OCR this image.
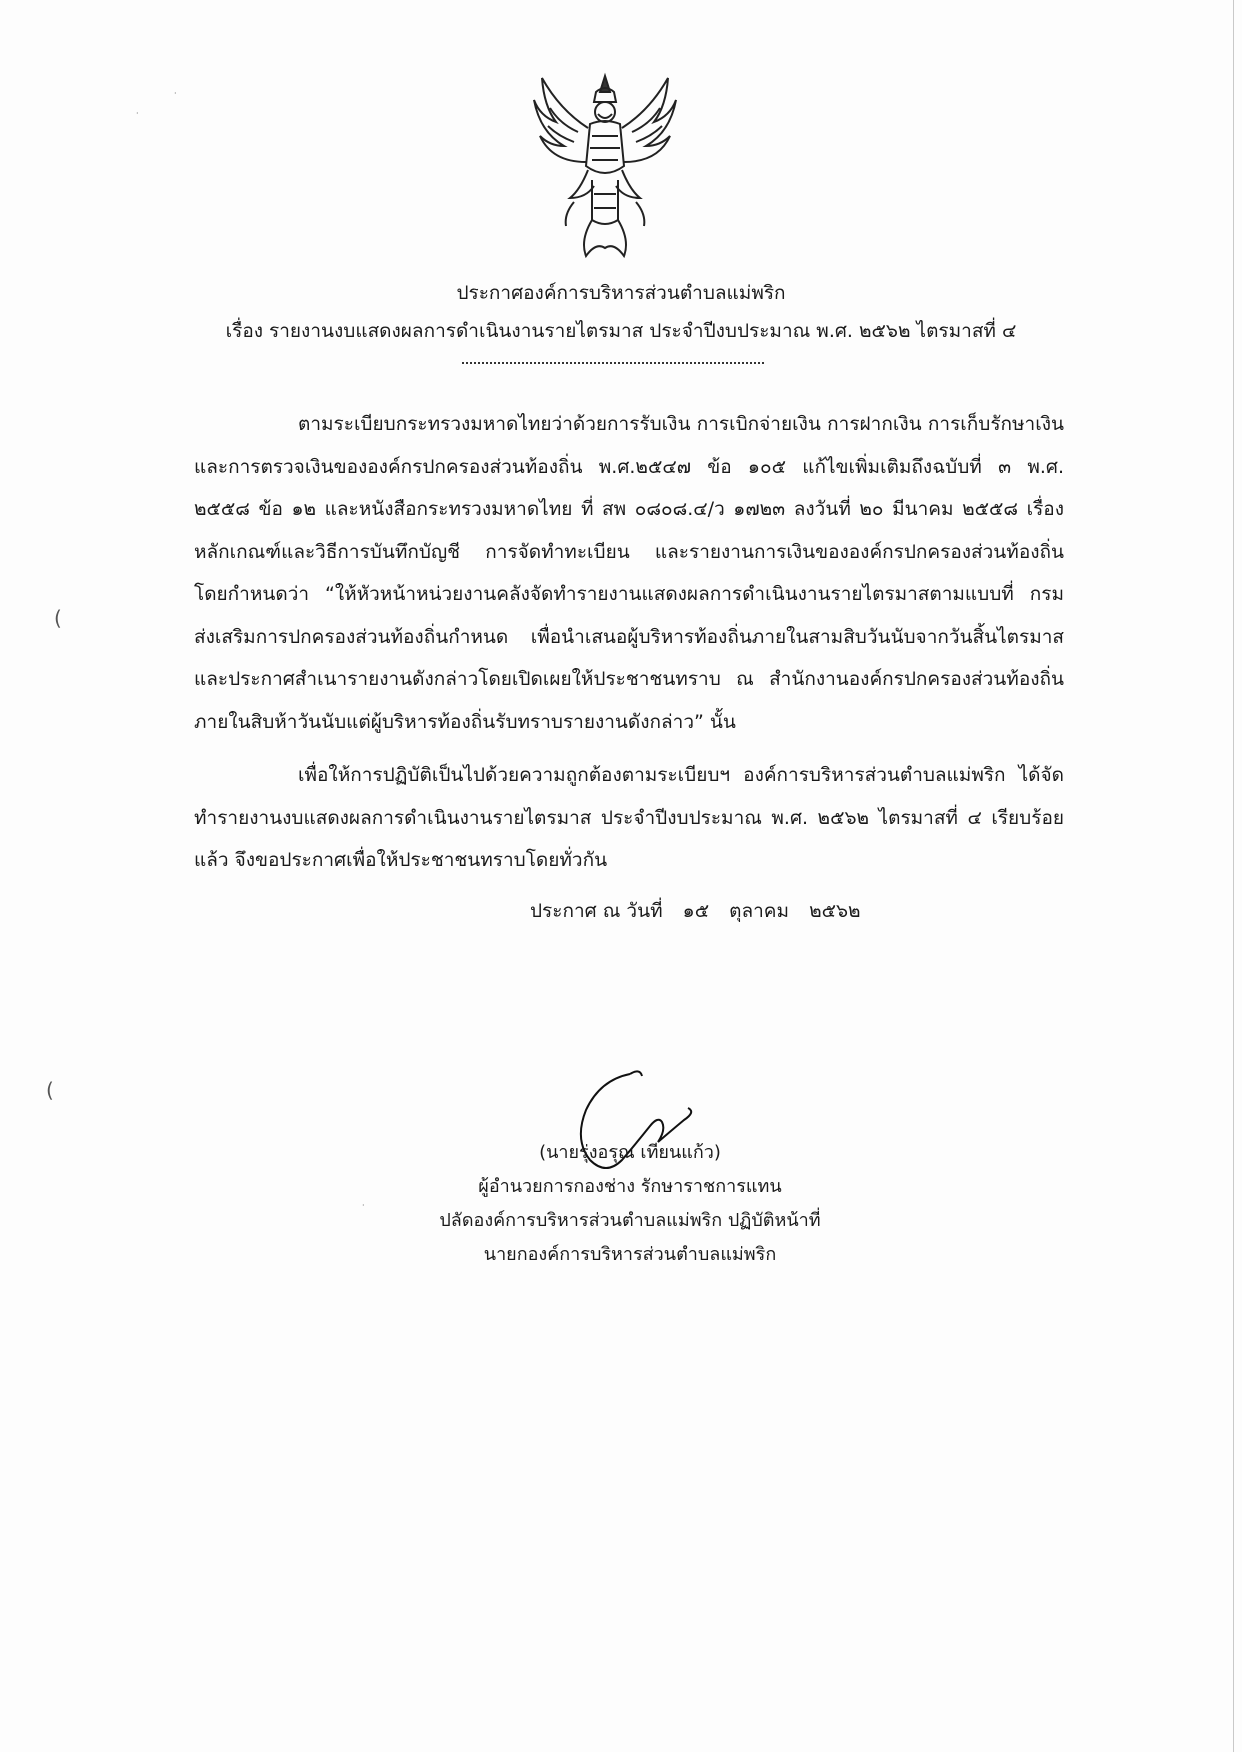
ประกาศองค์การบริหารส่วนตำบลแม่พริก
เรื่อง รายงานงบแสดงผลการดำเนินงานรายไตรมาส ประจำปีงบประมาณ พ.ศ. ๒๕๖๒ ไตรมาสที่ ๔
ตามระเบียบกระทรวงมหาดไทยว่าด้วยการรับเงิน การเบิกจ่ายเงิน การฝากเงิน การเก็บรักษาเงิน และการตรวจเงินขององค์กรปกครองส่วนท้องถิ่น พ.ศ.๒๕๔๗ ข้อ ๑๐๕ แก้ไขเพิ่มเติมถึงฉบับที่ ๓ พ.ศ. ๒๕๕๘ ข้อ ๑๒ และหนังสือกระทรวงมหาดไทย ที่ สพ ๐๘๐๘.๔/ว ๑๗๒๓ ลงวันที่ ๒๐ มีนาคม ๒๕๕๘ เรื่องหลักเกณฑ์และวิธีการบันทึกบัญชี การจัดทำทะเบียน และรายงานการเงินขององค์กรปกครองส่วนท้องถิ่น โดยกำหนดว่า “ให้หัวหน้าหน่วยงานคลังจัดทำรายงานแสดงผลการดำเนินงานรายไตรมาสตามแบบที่ กรมส่งเสริมการปกครองส่วนท้องถิ่นกำหนด เพื่อนำเสนอผู้บริหารท้องถิ่นภายในสามสิบวันนับจากวันสิ้นไตรมาส และประกาศสำเนารายงานดังกล่าวโดยเปิดเผยให้ประชาชนทราบ ณ สำนักงานองค์กรปกครองส่วนท้องถิ่น ภายในสิบห้าวันนับแต่ผู้บริหารท้องถิ่นรับทราบรายงานดังกล่าว” นั้น
เพื่อให้การปฏิบัติเป็นไปด้วยความถูกต้องตามระเบียบฯ องค์การบริหารส่วนตำบลแม่พริก ได้จัดทำรายงานงบแสดงผลการดำเนินงานรายไตรมาส ประจำปีงบประมาณ พ.ศ. ๒๕๖๒ ไตรมาสที่ ๔ เรียบร้อยแล้ว จึงขอประกาศเพื่อให้ประชาชนทราบโดยทั่วกัน
ประกาศ ณ วันที่ ๑๕ ตุลาคม ๒๕๖๒
(นายรุ่งอรุณ เทียนแก้ว)
ผู้อำนวยการกองช่าง รักษาราชการแทน
ปลัดองค์การบริหารส่วนตำบลแม่พริก ปฏิบัติหน้าที่
นายกองค์การบริหารส่วนตำบลแม่พริก
(
(
·
·
·
